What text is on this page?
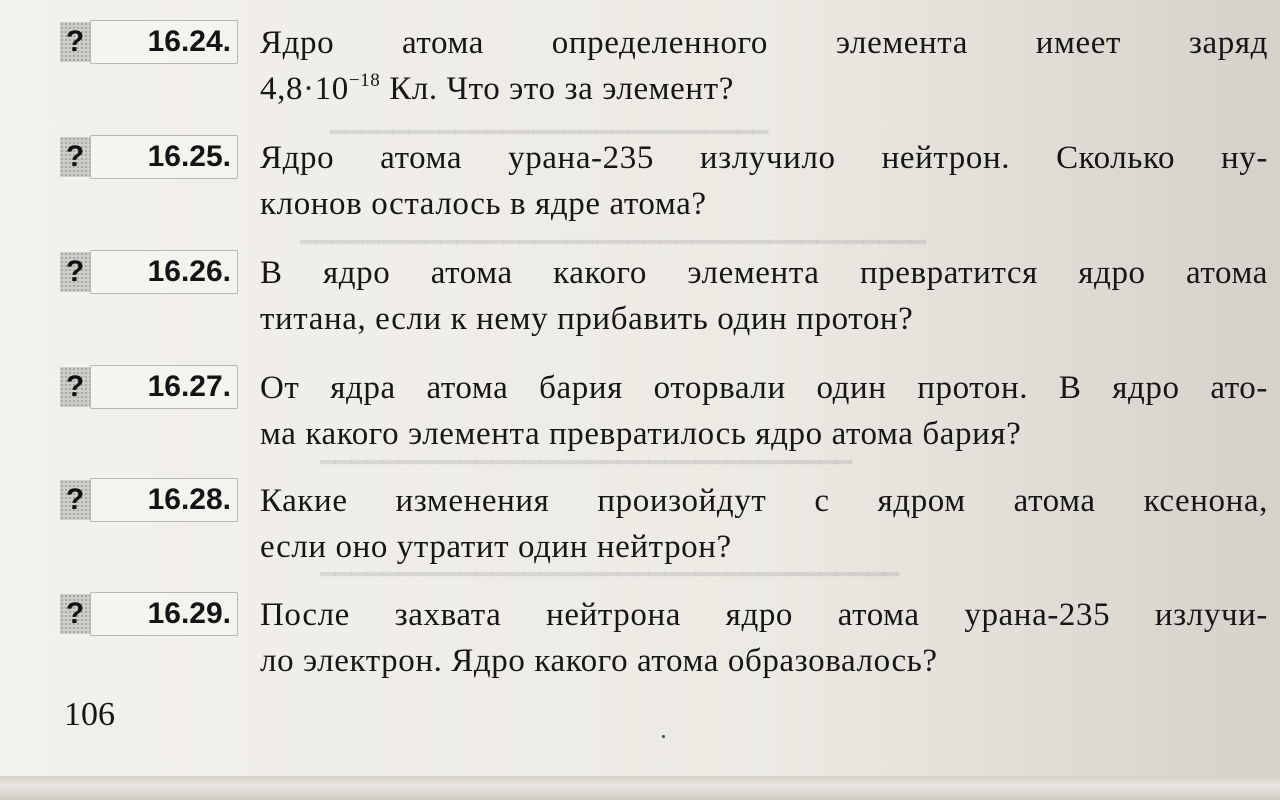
━━━━━━━━━━━━━━━━━━━━━━━━━━━━
━━━━━━━━━━━━━━━━━━━━━━━━━━━━━━━━━━━━━━━━
━━━━━━━━━━━━━━━━━━━━━━━━━━━━━━━━━━
━━━━━━━━━━━━━━━━━━━━━━━━━━━━━━━━━━━━━
?	16.24. Ядро атома определенного элемента имеет заряд
$4,8\cdot 10^{-18}$ Кл. Что это за элемент?
?	16.25. Ядро атома урана-235 излучило нейтрон. Сколько ну-
клонов осталось в ядре атома?
?	16.26. В ядро атома какого элемента превратится ядро атома
титана, если к нему прибавить один протон?
?	16.27. От ядра атома бария оторвали один протон. В ядро ато-
ма какого элемента превратилось ядро атома бария?
?	16.28. Какие изменения произойдут с ядром атома ксенона,
если оно утратит один нейтрон?
?	16.29. После захвата нейтрона ядро атома урана-235 излучи-
ло электрон. Ядро какого атома образовалось?
106
